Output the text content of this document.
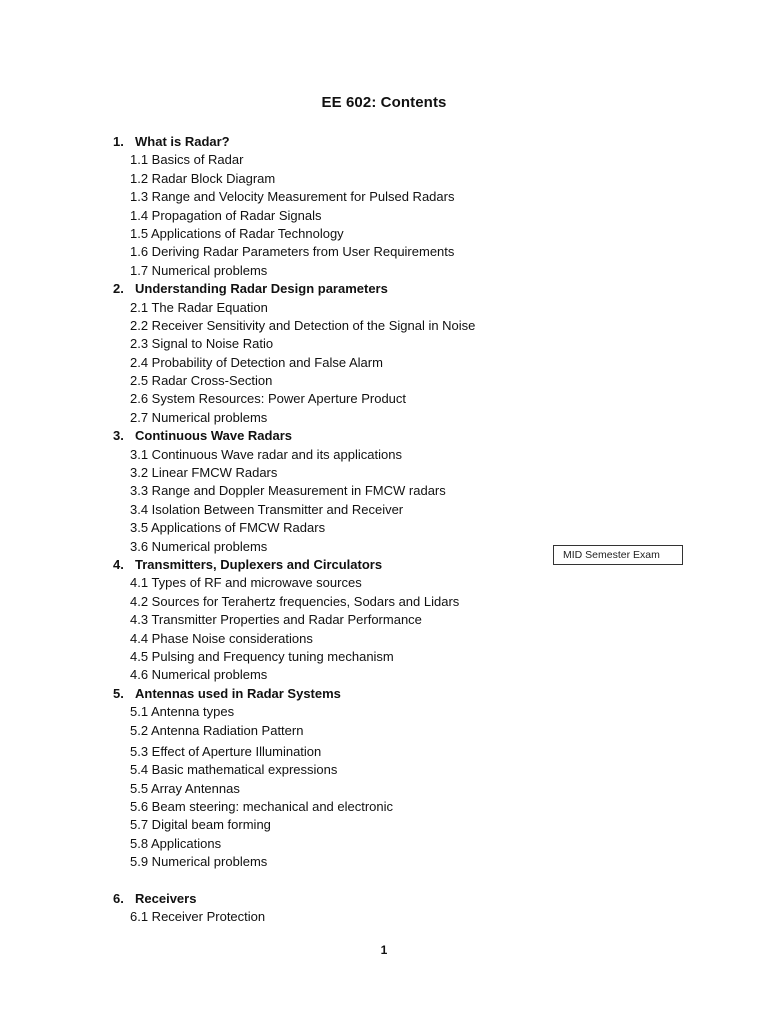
EE 602: Contents
1. What is Radar?
1.1 Basics of Radar
1.2 Radar Block Diagram
1.3 Range and Velocity Measurement for Pulsed Radars
1.4 Propagation of Radar Signals
1.5 Applications of Radar Technology
1.6 Deriving Radar Parameters from User Requirements
1.7 Numerical problems
2. Understanding Radar Design parameters
2.1 The Radar Equation
2.2 Receiver Sensitivity and Detection of the Signal in Noise
2.3 Signal to Noise Ratio
2.4 Probability of Detection and False Alarm
2.5 Radar Cross-Section
2.6 System Resources: Power Aperture Product
2.7 Numerical problems
3. Continuous Wave Radars
3.1 Continuous Wave radar and its applications
3.2 Linear FMCW Radars
3.3 Range and Doppler Measurement in FMCW radars
3.4 Isolation Between Transmitter and Receiver
3.5 Applications of FMCW Radars
3.6 Numerical problems
4. Transmitters, Duplexers and Circulators
4.1 Types of RF and microwave sources
4.2 Sources for Terahertz frequencies, Sodars and Lidars
4.3 Transmitter Properties and Radar Performance
4.4 Phase Noise considerations
4.5 Pulsing and Frequency tuning mechanism
4.6 Numerical problems
5. Antennas used in Radar Systems
5.1 Antenna types
5.2 Antenna Radiation Pattern
5.3 Effect of Aperture Illumination
5.4 Basic mathematical expressions
5.5 Array Antennas
5.6 Beam steering: mechanical and electronic
5.7 Digital beam forming
5.8 Applications
5.9 Numerical problems
6. Receivers
6.1 Receiver Protection
MID Semester Exam
1
